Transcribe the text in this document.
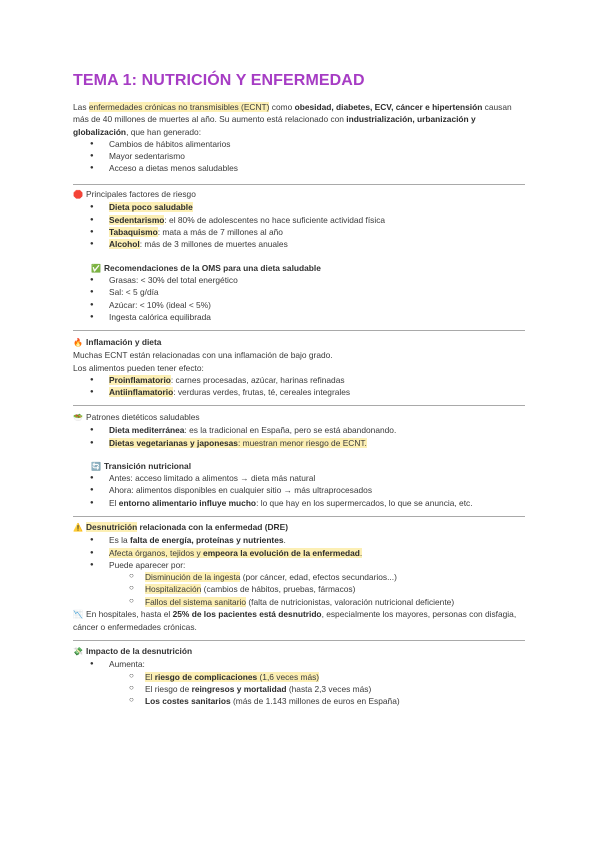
TEMA 1: NUTRICIÓN Y ENFERMEDAD

Las enfermedades crónicas no transmisibles (ECNT) como obesidad, diabetes, ECV, cáncer e hipertensión causan más de 40 millones de muertes al año. Su aumento está relacionado con industrialización, urbanización y globalización, que han generado:

● Cambios de hábitos alimentarios
● Mayor sedentarismo
● Acceso a dietas menos saludables

🛑 Principales factores de riesgo

● Dieta poco saludable
● Sedentarismo: el 80% de adolescentes no hace suficiente actividad física
● Tabaquismo: mata a más de 7 millones al año
● Alcohol: más de 3 millones de muertes anuales

✅ Recomendaciones de la OMS para una dieta saludable

● Grasas: < 30% del total energético
● Sal: < 5 g/día
● Azúcar: < 10% (ideal < 5%)
● Ingesta calórica equilibrada

🔥 Inflamación y dieta

Muchas ECNT están relacionadas con una inflamación de bajo grado.

Los alimentos pueden tener efecto:

● Proinflamatorio: carnes procesadas, azúcar, harinas refinadas
● Antiinflamatorio: verduras verdes, frutas, té, cereales integrales

🥗 Patrones dietéticos saludables

● Dieta mediterránea: es la tradicional en España, pero se está abandonando.
● Dietas vegetarianas y japonesas: muestran menor riesgo de ECNT.

🔄 Transición nutricional

● Antes: acceso limitado a alimentos → dieta más natural
● Ahora: alimentos disponibles en cualquier sitio → más ultraprocesados
● El entorno alimentario influye mucho: lo que hay en los supermercados, lo que se anuncia, etc.

⚠️ Desnutrición relacionada con la enfermedad (DRE)

● Es la falta de energía, proteínas y nutrientes.
● Afecta órganos, tejidos y empeora la evolución de la enfermedad.
● Puede aparecer por:
○ Disminución de la ingesta (por cáncer, edad, efectos secundarios...)
○ Hospitalización (cambios de hábitos, pruebas, fármacos)
○ Fallos del sistema sanitario (falta de nutricionistas, valoración nutricional deficiente)

📉 En hospitales, hasta el 25% de los pacientes está desnutrido, especialmente los mayores, personas con disfagia, cáncer o enfermedades crónicas.

💸 Impacto de la desnutrición

● Aumenta:
○ El riesgo de complicaciones (1,6 veces más)
○ El riesgo de reingresos y mortalidad (hasta 2,3 veces más)
○ Los costes sanitarios (más de 1.143 millones de euros en España)
